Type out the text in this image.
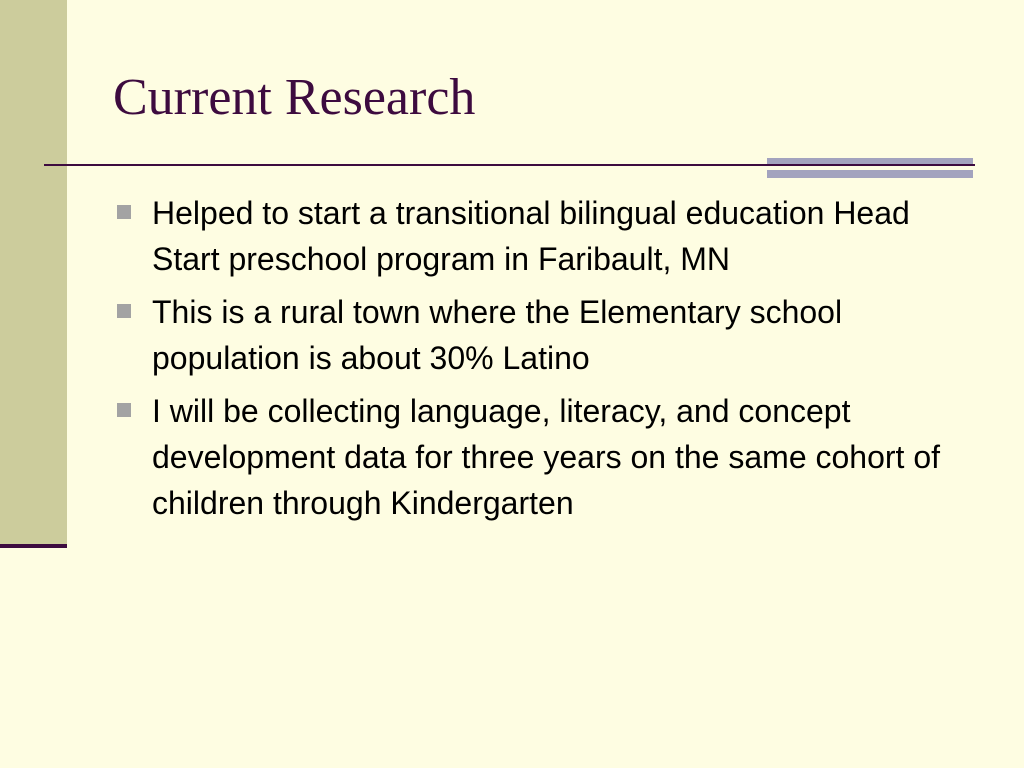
Current Research
Helped to start a transitional bilingual education Head Start preschool program in Faribault, MN
This is a rural town where the Elementary school population is about 30% Latino
I will be collecting language, literacy, and concept development data for three years on the same cohort of children through Kindergarten
